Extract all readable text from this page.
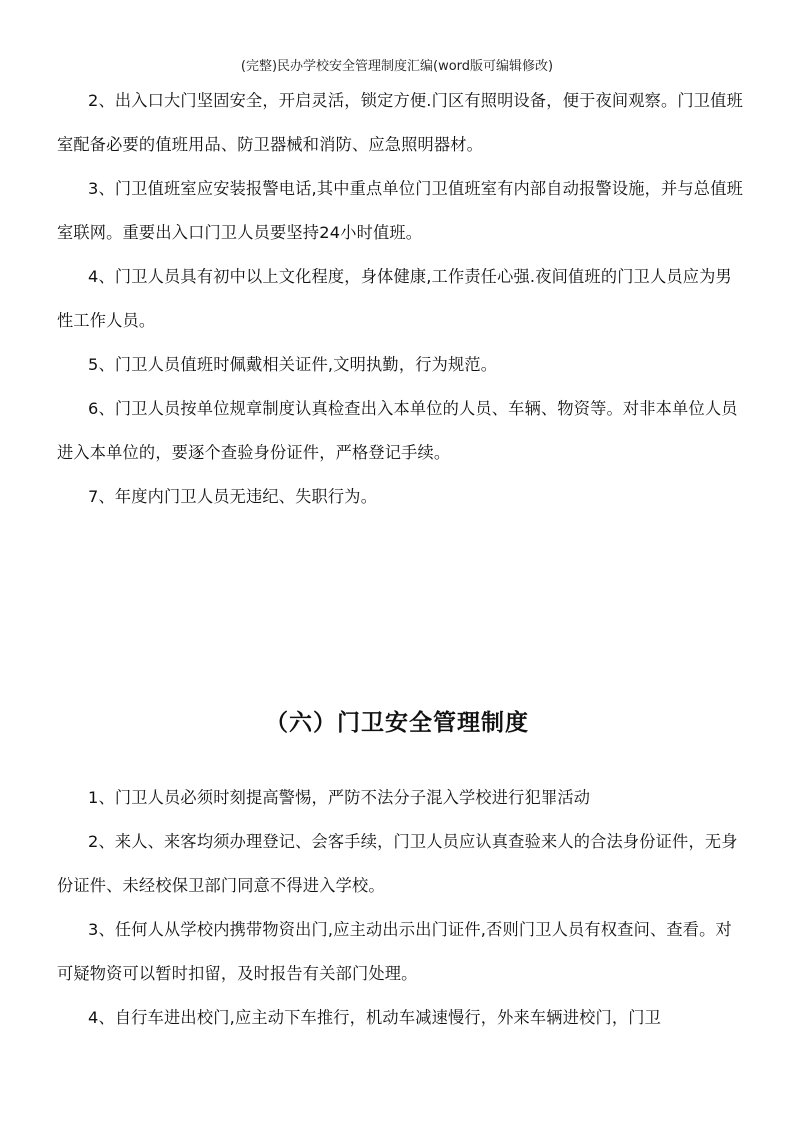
(完整)民办学校安全管理制度汇编(word版可编辑修改)

2、出入口大门坚固安全，开启灵活，锁定方便.门区有照明设备，便于夜间观察。门卫值班室配备必要的值班用品、防卫器械和消防、应急照明器材。

3、门卫值班室应安装报警电话,其中重点单位门卫值班室有内部自动报警设施，并与总值班室联网。重要出入口门卫人员要坚持24小时值班。

4、门卫人员具有初中以上文化程度，身体健康,工作责任心强.夜间值班的门卫人员应为男性工作人员。

5、门卫人员值班时佩戴相关证件,文明执勤，行为规范。

6、门卫人员按单位规章制度认真检查出入本单位的人员、车辆、物资等。对非本单位人员进入本单位的，要逐个查验身份证件，严格登记手续。

7、年度内门卫人员无违纪、失职行为。

（六）门卫安全管理制度

1、门卫人员必须时刻提高警惕，严防不法分子混入学校进行犯罪活动

2、来人、来客均须办理登记、会客手续，门卫人员应认真查验来人的合法身份证件，无身份证件、未经校保卫部门同意不得进入学校。

3、任何人从学校内携带物资出门,应主动出示出门证件,否则门卫人员有权查问、查看。对可疑物资可以暂时扣留，及时报告有关部门处理。

4、自行车进出校门,应主动下车推行，机动车减速慢行，外来车辆进校门，门卫
